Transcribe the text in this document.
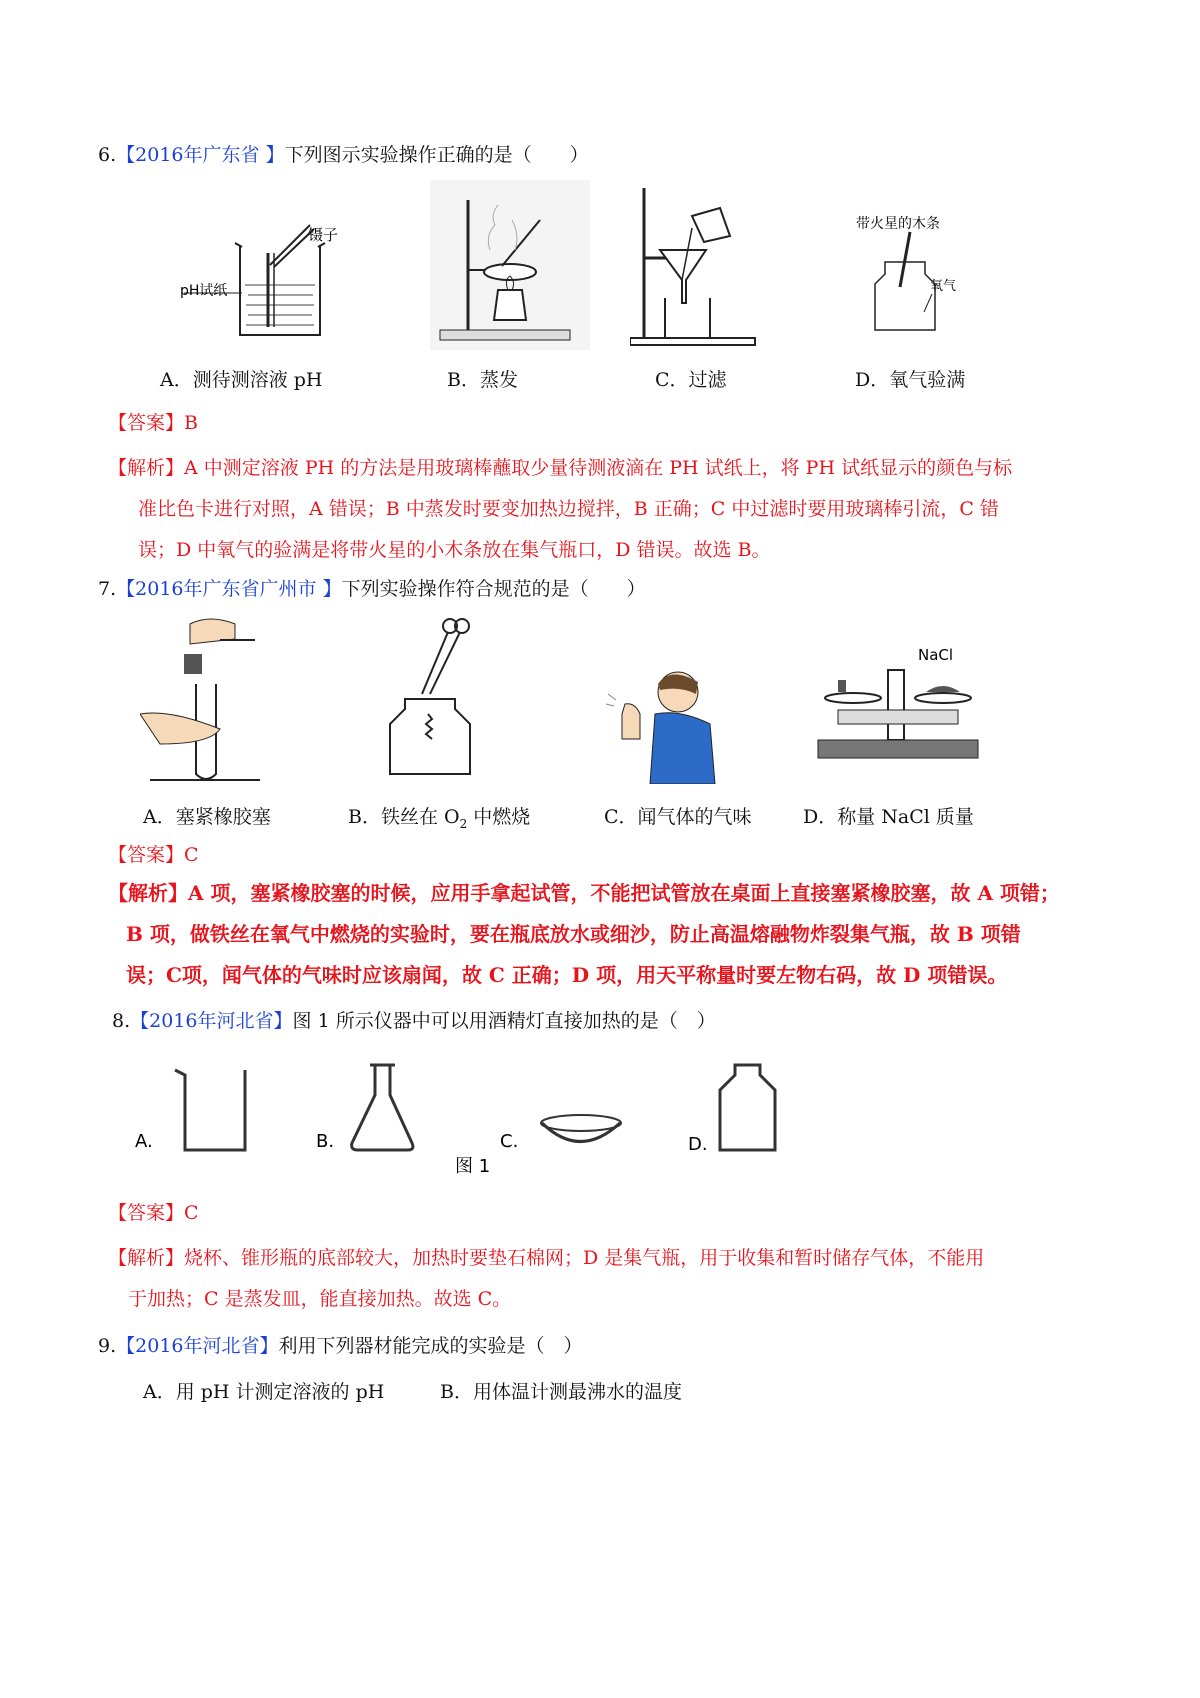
6.【2016年广东省 】下列图示实验操作正确的是（　　）
镊子
pH试纸
带火星的木条
氧气
A．测待测溶液 pH	B．蒸发	C．过滤	D．氧气验满
【答案】B
【解析】A 中测定溶液 PH 的方法是用玻璃棒蘸取少量待测液滴在 PH 试纸上，将 PH 试纸显示的颜色与标
准比色卡进行对照，A 错误；B 中蒸发时要变加热边搅拌，B 正确；C 中过滤时要用玻璃棒引流，C 错
误；D 中氧气的验满是将带火星的小木条放在集气瓶口，D 错误。故选 B。
7.【2016年广东省广州市 】下列实验操作符合规范的是（　　）
NaCl
A．塞紧橡胶塞	B．铁丝在 $O_2$ 中燃烧	C．闻气体的气味	D．称量 NaCl 质量
【答案】C
【解析】A 项，塞紧橡胶塞的时候，应用手拿起试管，不能把试管放在桌面上直接塞紧橡胶塞，故 A 项错；
B 项，做铁丝在氧气中燃烧的实验时，要在瓶底放水或细沙，防止高温熔融物炸裂集气瓶，故 B 项错
误；C项，闻气体的气味时应该扇闻，故 C 正确；D 项，用天平称量时要左物右码，故 D 项错误。
8.【2016年河北省】图 1 所示仪器中可以用酒精灯直接加热的是（　）
A.	B.	C.	D.
图 1
【答案】C
【解析】烧杯、锥形瓶的底部较大，加热时要垫石棉网；D 是集气瓶，用于收集和暂时储存气体，不能用
于加热；C 是蒸发皿，能直接加热。故选 C。
9.【2016年河北省】利用下列器材能完成的实验是（　）
A．用 pH 计测定溶液的 pH	B．用体温计测最沸水的温度
